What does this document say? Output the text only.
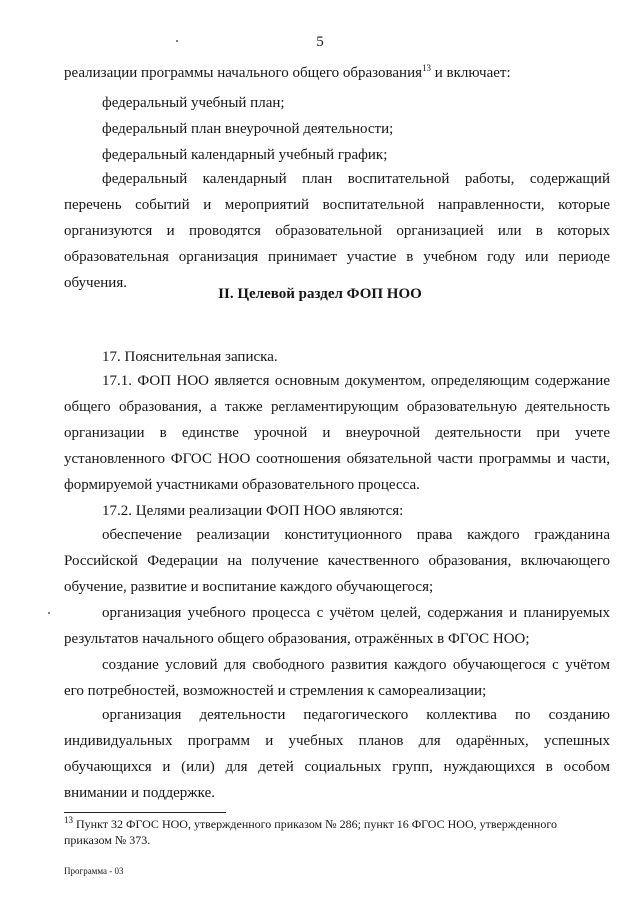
5
реализации программы начального общего образования$^{13}$ и включает:
федеральный учебный план;
федеральный план внеурочной деятельности;
федеральный календарный учебный график;
федеральный календарный план воспитательной работы, содержащий
перечень событий и мероприятий воспитательной направленности, которые
организуются и проводятся образовательной организацией или в которых
образовательная организация принимает участие в учебном году или периоде
обучения.
II. Целевой раздел ФОП НОО
17. Пояснительная записка.
17.1. ФОП НОО является основным документом, определяющим содержание
общего образования, а также регламентирующим образовательную деятельность
организации в единстве урочной и внеурочной деятельности при учете
установленного ФГОС НОО соотношения обязательной части программы и части,
формируемой участниками образовательного процесса.
17.2. Целями реализации ФОП НОО являются:
обеспечение реализации конституционного права каждого гражданина
Российской Федерации на получение качественного образования, включающего
обучение, развитие и воспитание каждого обучающегося;
организация учебного процесса с учётом целей, содержания и планируемых
результатов начального общего образования, отражённых в ФГОС НОО;
создание условий для свободного развития каждого обучающегося с учётом
его потребностей, возможностей и стремления к самореализации;
организация деятельности педагогического коллектива по созданию
индивидуальных программ и учебных планов для одарённых, успешных
обучающихся и (или) для детей социальных групп, нуждающихся в особом
внимании и поддержке.
$^{13}$ Пункт 32 ФГОС НОО, утвержденного приказом № 286; пункт 16 ФГОС НОО, утвержденного
приказом № 373.
Программа - 03
